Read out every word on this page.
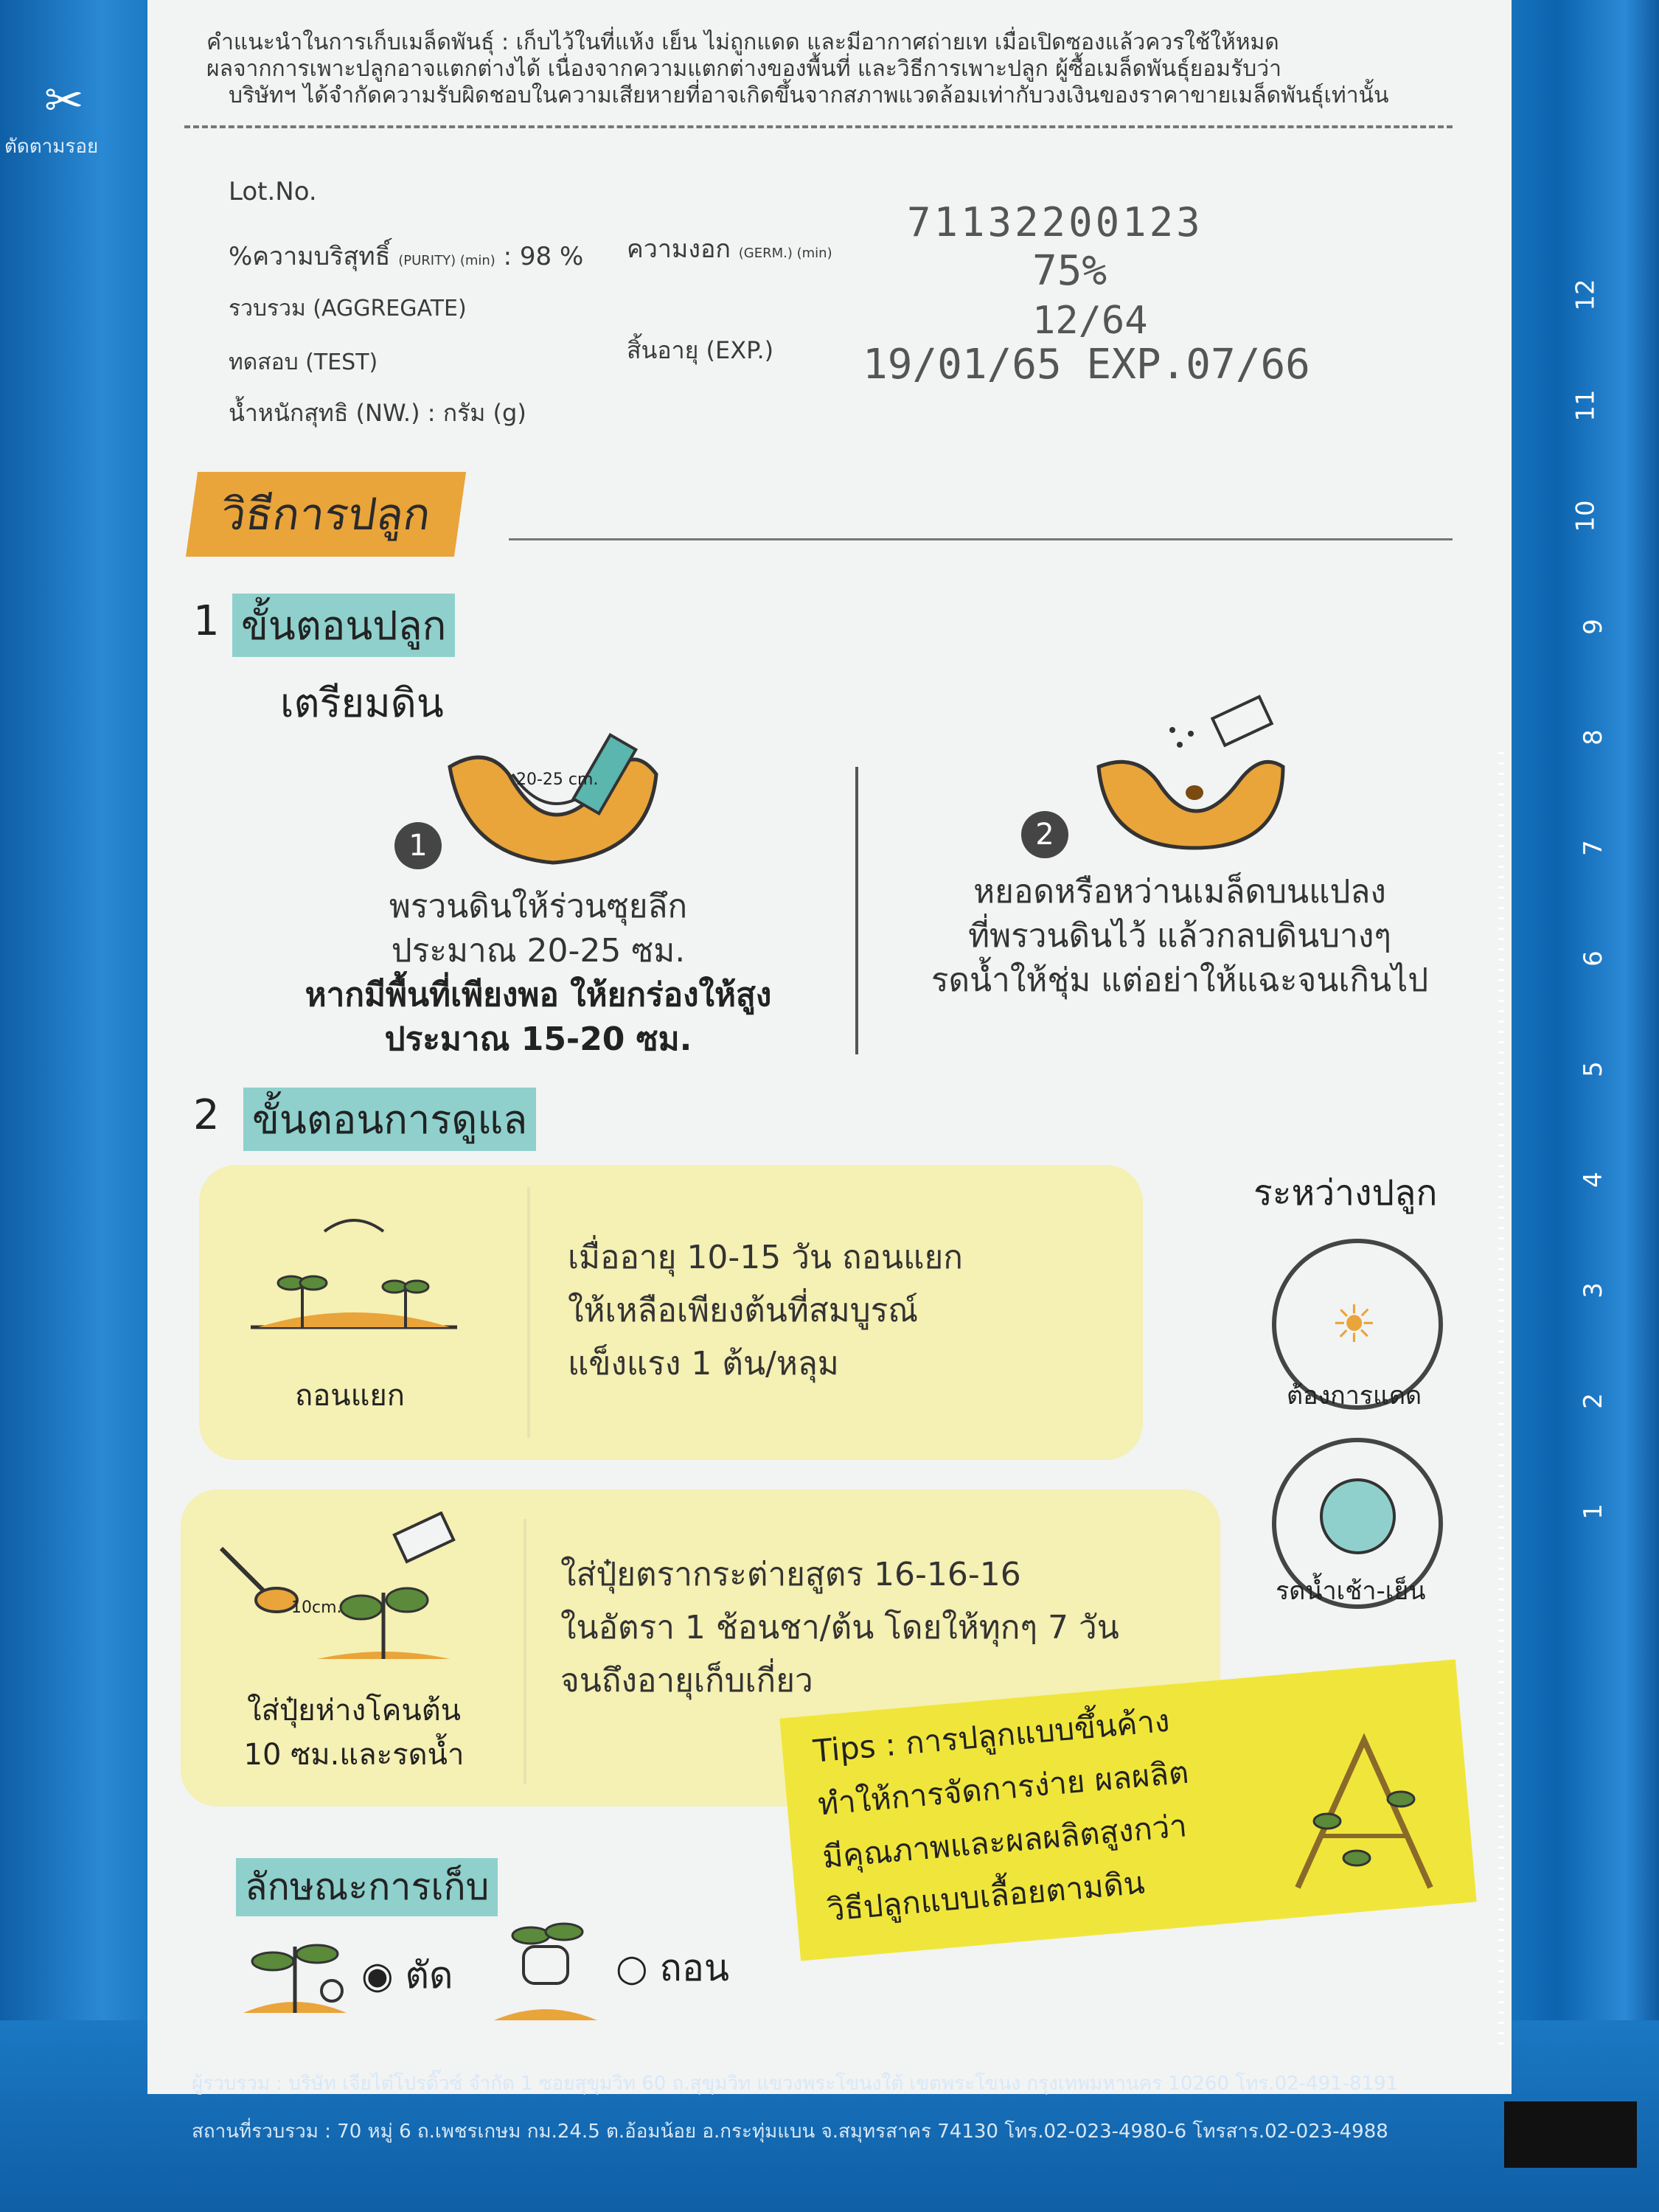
✂
ตัดตามรอย
คำแนะนำในการเก็บเมล็ดพันธุ์ : เก็บไว้ในที่แห้ง เย็น ไม่ถูกแดด และมีอากาศถ่ายเท เมื่อเปิดซองแล้วควรใช้ให้หมด
ผลจากการเพาะปลูกอาจแตกต่างได้ เนื่องจากความแตกต่างของพื้นที่ และวิธีการเพาะปลูก ผู้ซื้อเมล็ดพันธุ์ยอมรับว่า
บริษัทฯ ได้จำกัดความรับผิดชอบในความเสียหายที่อาจเกิดขึ้นจากสภาพแวดล้อมเท่ากับวงเงินของราคาขายเมล็ดพันธุ์เท่านั้น
Lot.No.
%ความบริสุทธิ์ (PURITY) (min) : 98 % ความงอก (GERM.) (min)
รวบรวม (AGGREGATE)
ทดสอบ (TEST)	สิ้นอายุ (EXP.)
น้ำหนักสุทธิ (NW.) : กรัม (g)
71132200123
75%
12/64
19/01/65 EXP.07/66
วิธีการปลูก
1 ขั้นตอนปลูก
เตรียมดิน
20-25 cm.
1
พรวนดินให้ร่วนซุยลึก
ประมาณ 20-25 ซม.
หากมีพื้นที่เพียงพอ ให้ยกร่องให้สูง
ประมาณ 15-20 ซม.
2
หยอดหรือหว่านเมล็ดบนแปลง
ที่พรวนดินไว้ แล้วกลบดินบางๆ
รดน้ำให้ชุ่ม แต่อย่าให้แฉะจนเกินไป
2 ขั้นตอนการดูแล
ถอนแยก
เมื่ออายุ 10-15 วัน ถอนแยก
ให้เหลือเพียงต้นที่สมบูรณ์
แข็งแรง 1 ต้น/หลุม
10cm.
ใส่ปุ๋ยห่างโคนต้น
10 ซม.และรดน้ำ
ใส่ปุ๋ยตรากระต่ายสูตร 16-16-16
ในอัตรา 1 ช้อนชา/ต้น โดยให้ทุกๆ 7 วัน
จนถึงอายุเก็บเกี่ยว
ระหว่างปลูก
☀
ต้องการแดด
รดน้ำเช้า-เย็น
Tips : การปลูกแบบขึ้นค้าง
ทำให้การจัดการง่าย ผลผลิต
มีคุณภาพและผลผลิตสูงกว่า
วิธีปลูกแบบเลื้อยตามดิน
ลักษณะการเก็บ
◉ ตัด	○ ถอน
12
11
10
9
8
7
6
5
4
3
2
1
ผู้รวบรวม : บริษัท เจียไต๋โปรดิ๊วซ์ จำกัด 1 ซอยสุขุมวิท 60 ถ.สุขุมวิท แขวงพระโขนงใต้ เขตพระโขนง กรุงเทพมหานคร 10260 โทร.02-491-8191
สถานที่รวบรวม : 70 หมู่ 6 ถ.เพชรเกษม กม.24.5 ต.อ้อมน้อย อ.กระทุ่มแบน จ.สมุทรสาคร 74130 โทร.02-023-4980-6 โทรสาร.02-023-4988
